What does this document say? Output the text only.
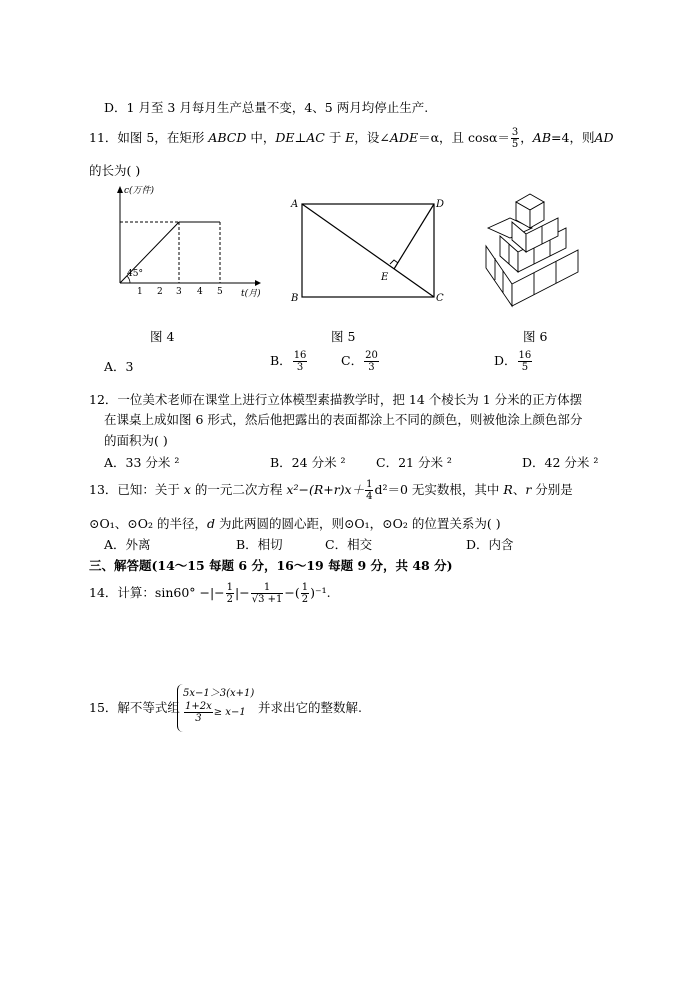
D．1 月至 3 月每月生产总量不变，4、5 两月均停止生产.
11．如图 5，在矩形 ABCD 中，DE⊥AC 于 E，设∠ADE＝α，且 $\cos\alpha= \frac{3}{5}$ ，AB=4，则AD
的长为( )
45°
1 2 3 4 5
c(万件)
t(月)
A	D
B	C
E
图 4	图 5	图 6
A．3	B． $\frac{16}{3}$	C． $\frac{20}{3}$	D． $\frac{16}{5}$
12．一位美术老师在课堂上进行立体模型素描教学时，把 14 个棱长为 1 分米的正方体摆
在课桌上成如图 6 形式，然后他把露出的表面都涂上不同的颜色，则被他涂上颜色部分
的面积为( )
A．33 分米 ²	B．24 分米 ² C．21 分米 ²	D．42 分米 ²
13．已知：关于 x 的一元二次方程 $x^2-(R+r)x+ \frac{1}{4} d^2=0$ 无实数根，其中 R、r 分别是
⊙O₁、⊙O₂ 的半径，d 为此两圆的圆心距，则⊙O₁，⊙O₂ 的位置关系为( )
A．外离	B．相切	C．相交	D．内含
三、解答题(14～15 每题 6 分，16～19 每题 9 分，共 48 分)
14．计算：sin60° −|− $\frac{1}{2}$ |− $\frac{1}{√3 +1}$ −( $\frac{1}{2} )^{-1}$.
15．解不等式组
5x−1＞3(x+1)
$\frac{1+2x}{3} \ge x-1$ 并求出它的整数解.
